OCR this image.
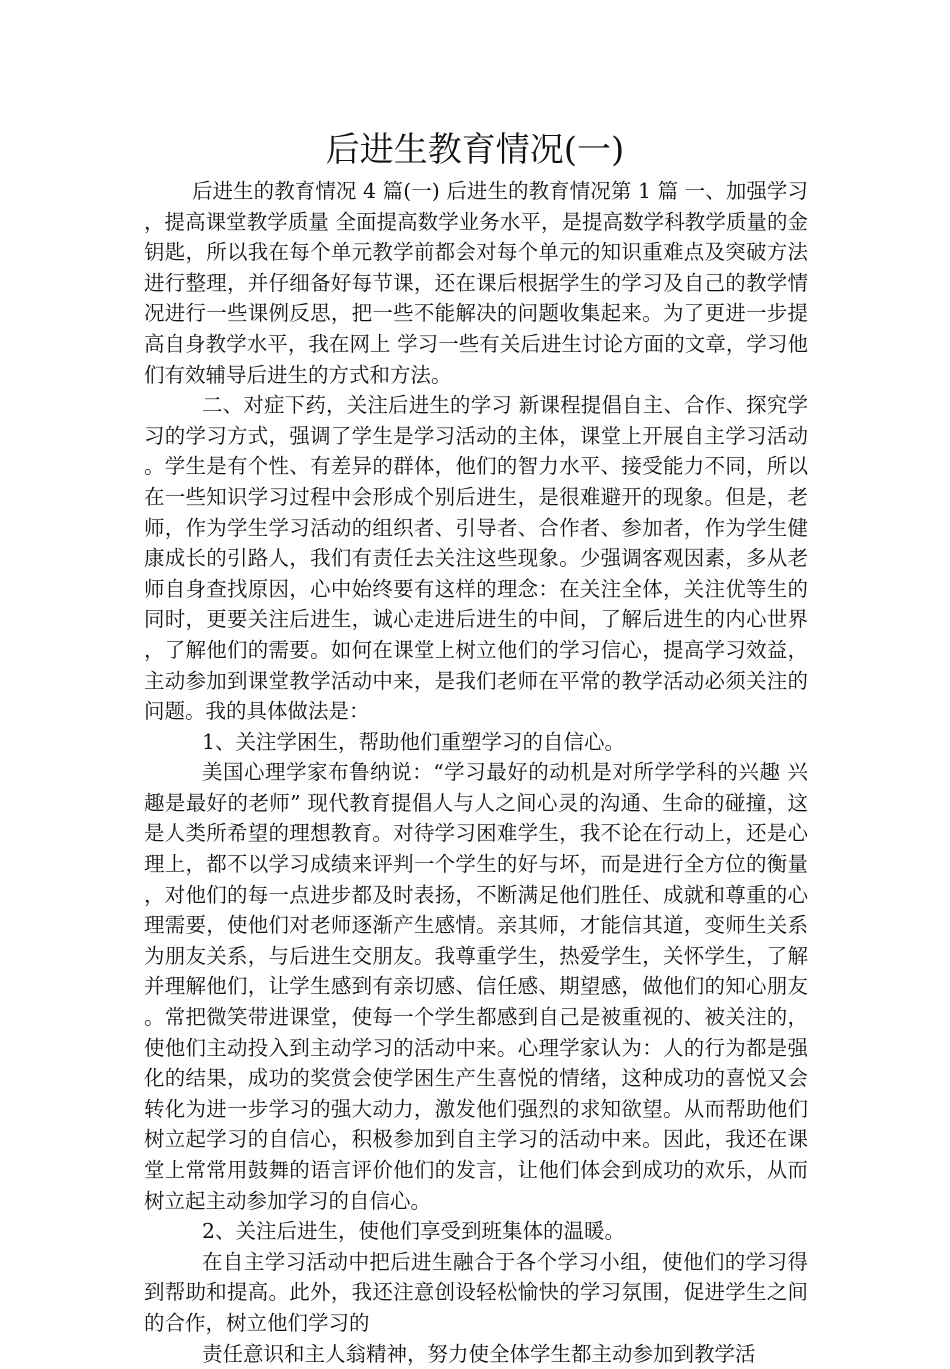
后进生教育情况(一)

后进生的教育情况 4 篇(一) 后进生的教育情况第 1 篇 一、加强学习，提高课堂教学质量 全面提高数学业务水平，是提高数学科教学质量的金钥匙，所以我在每个单元教学前都会对每个单元的知识重难点及突破方法进行整理，并仔细备好每节课，还在课后根据学生的学习及自己的教学情况进行一些课例反思，把一些不能解决的问题收集起来。为了更进一步提高自身教学水平，我在网上 学习一些有关后进生讨论方面的文章，学习他们有效辅导后进生的方式和方法。

二、对症下药，关注后进生的学习 新课程提倡自主、合作、探究学习的学习方式，强调了学生是学习活动的主体，课堂上开展自主学习活动。学生是有个性、有差异的群体，他们的智力水平、接受能力不同，所以在一些知识学习过程中会形成个别后进生，是很难避开的现象。但是，老师，作为学生学习活动的组织者、引导者、合作者、参加者，作为学生健康成长的引路人，我们有责任去关注这些现象。少强调客观因素，多从老师自身查找原因，心中始终要有这样的理念：在关注全体，关注优等生的同时，更要关注后进生，诚心走进后进生的中间，了解后进生的内心世界，了解他们的需要。如何在课堂上树立他们的学习信心，提高学习效益，主动参加到课堂教学活动中来，是我们老师在平常的教学活动必须关注的问题。我的具体做法是：

1、关注学困生，帮助他们重塑学习的自信心。

美国心理学家布鲁纳说：“学习最好的动机是对所学学科的兴趣 兴趣是最好的老师” 现代教育提倡人与人之间心灵的沟通、生命的碰撞，这是人类所希望的理想教育。对待学习困难学生，我不论在行动上，还是心理上，都不以学习成绩来评判一个学生的好与坏，而是进行全方位的衡量，对他们的每一点进步都及时表扬，不断满足他们胜任、成就和尊重的心理需要，使他们对老师逐渐产生感情。亲其师，才能信其道，变师生关系为朋友关系，与后进生交朋友。我尊重学生，热爱学生，关怀学生，了解并理解他们，让学生感到有亲切感、信任感、期望感，做他们的知心朋友。常把微笑带进课堂，使每一个学生都感到自己是被重视的、被关注的，使他们主动投入到主动学习的活动中来。心理学家认为：人的行为都是强化的结果，成功的奖赏会使学困生产生喜悦的情绪，这种成功的喜悦又会转化为进一步学习的强大动力，激发他们强烈的求知欲望。从而帮助他们树立起学习的自信心，积极参加到自主学习的活动中来。因此，我还在课堂上常常用鼓舞的语言评价他们的发言，让他们体会到成功的欢乐，从而树立起主动参加学习的自信心。

2、关注后进生，使他们享受到班集体的温暖。

在自主学习活动中把后进生融合于各个学习小组，使他们的学习得到帮助和提高。此外，我还注意创设轻松愉快的学习氛围，促进学生之间的合作，树立他们学习的

责任意识和主人翁精神，努力使全体学生都主动参加到教学活
